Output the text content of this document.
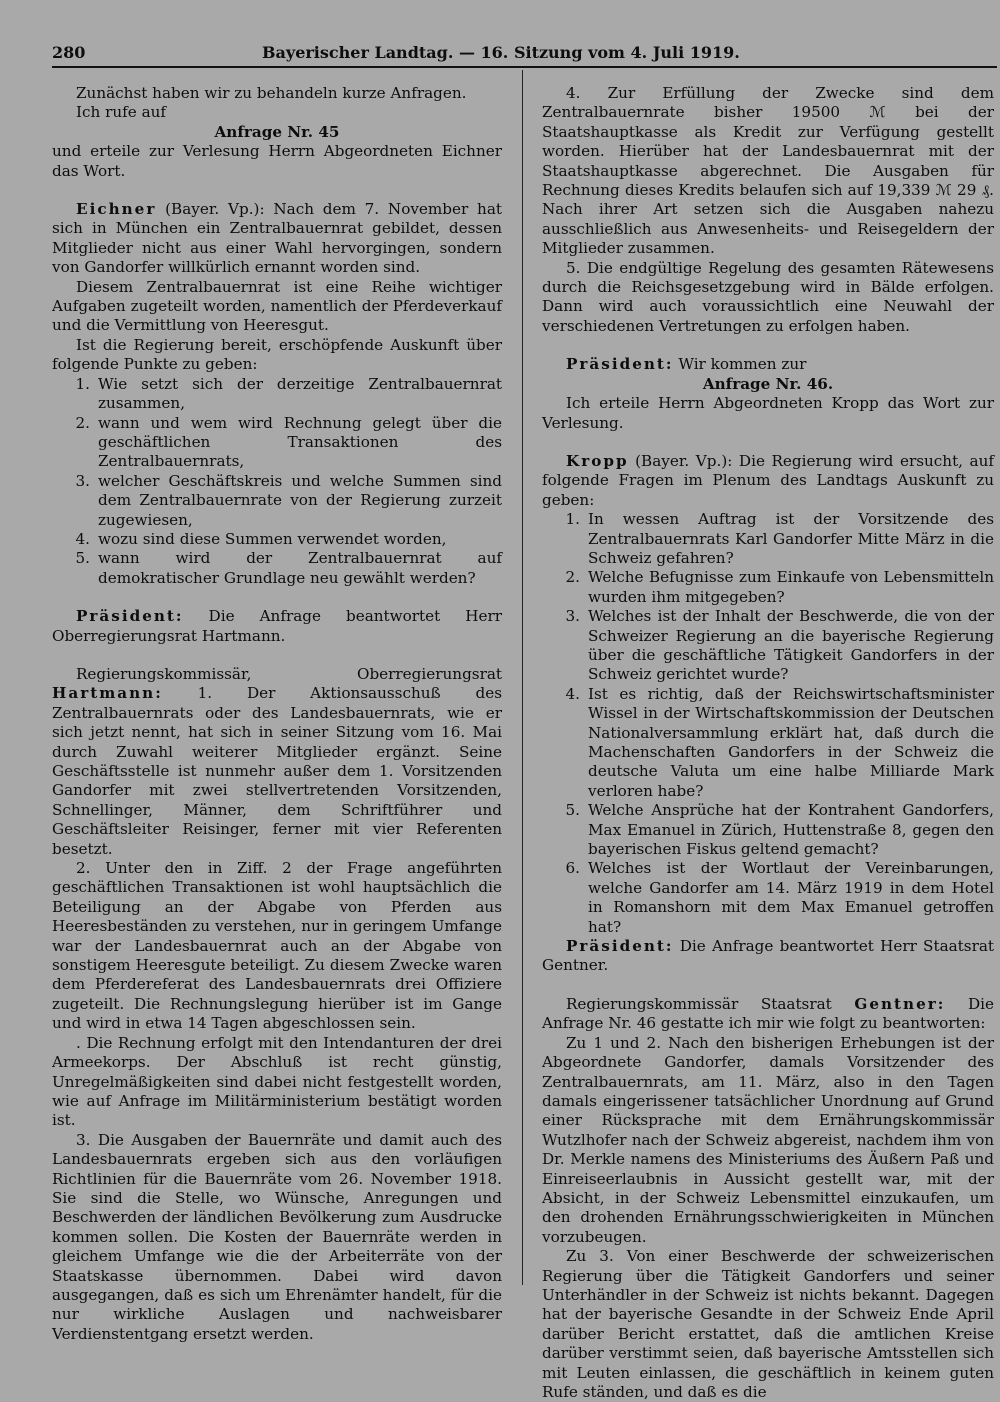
280	Bayerischer Landtag. — 16. Sitzung vom 4. Juli 1919.

Zunächst haben wir zu behandeln kurze Anfragen.

Ich rufe auf

Anfrage Nr. 45

und erteile zur Verlesung Herrn Abgeordneten Eichner das Wort.

Eichner (Bayer. Vp.): Nach dem 7. November hat sich in München ein Zentralbauernrat gebildet, dessen Mitglieder nicht aus einer Wahl hervorgingen, sondern von Gandorfer willkürlich ernannt worden sind.

Diesem Zentralbauernrat ist eine Reihe wichtiger Aufgaben zugeteilt worden, namentlich der Pferdeverkauf und die Vermittlung von Heeresgut.

Ist die Regierung bereit, erschöpfende Auskunft über folgende Punkte zu geben:

1. Wie setzt sich der derzeitige Zentralbauernrat zusammen,
2. wann und wem wird Rechnung gelegt über die geschäftlichen Transaktionen des Zentralbauernrats,
3. welcher Geschäftskreis und welche Summen sind dem Zentralbauernrate von der Regierung zurzeit zugewiesen,
4. wozu sind diese Summen verwendet worden,
5. wann wird der Zentralbauernrat auf demokratischer Grundlage neu gewählt werden?

Präsident: Die Anfrage beantwortet Herr Oberregierungsrat Hartmann.

Regierungskommissär, Oberregierungsrat Hartmann: 1. Der Aktionsausschuß des Zentralbauernrats oder des Landesbauernrats, wie er sich jetzt nennt, hat sich in seiner Sitzung vom 16. Mai durch Zuwahl weiterer Mitglieder ergänzt. Seine Geschäftsstelle ist nunmehr außer dem 1. Vorsitzenden Gandorfer mit zwei stellvertretenden Vorsitzenden, Schnellinger, Männer, dem Schriftführer und Geschäftsleiter Reisinger, ferner mit vier Referenten besetzt.

2. Unter den in Ziff. 2 der Frage angeführten geschäftlichen Transaktionen ist wohl hauptsächlich die Beteiligung an der Abgabe von Pferden aus Heeresbeständen zu verstehen, nur in geringem Umfange war der Landesbauernrat auch an der Abgabe von sonstigem Heeresgute beteiligt. Zu diesem Zwecke waren dem Pferdereferat des Landesbauernrats drei Offiziere zugeteilt. Die Rechnungslegung hierüber ist im Gange und wird in etwa 14 Tagen abgeschlossen sein.

. Die Rechnung erfolgt mit den Intendanturen der drei Armeekorps. Der Abschluß ist recht günstig, Unregelmäßigkeiten sind dabei nicht festgestellt worden, wie auf Anfrage im Militärministerium bestätigt worden ist.

3. Die Ausgaben der Bauernräte und damit auch des Landesbauernrats ergeben sich aus den vorläufigen Richtlinien für die Bauernräte vom 26. November 1918. Sie sind die Stelle, wo Wünsche, Anregungen und Beschwerden der ländlichen Bevölkerung zum Ausdrucke kommen sollen. Die Kosten der Bauernräte werden in gleichem Umfange wie die der Arbeiterräte von der Staatskasse übernommen. Dabei wird davon ausgegangen, daß es sich um Ehrenämter handelt, für die nur wirkliche Auslagen und nachweisbarer Verdienstentgang ersetzt werden.

4. Zur Erfüllung der Zwecke sind dem Zentralbauernrate bisher 19500 ℳ bei der Staatshauptkasse als Kredit zur Verfügung gestellt worden. Hierüber hat der Landesbauernrat mit der Staatshauptkasse abgerechnet. Die Ausgaben für Rechnung dieses Kredits belaufen sich auf 19,339 ℳ 29 ₰. Nach ihrer Art setzen sich die Ausgaben nahezu ausschließlich aus Anwesenheits- und Reisegeldern der Mitglieder zusammen.

5. Die endgültige Regelung des gesamten Rätewesens durch die Reichsgesetzgebung wird in Bälde erfolgen. Dann wird auch voraussichtlich eine Neuwahl der verschiedenen Vertretungen zu erfolgen haben.

Präsident: Wir kommen zur

Anfrage Nr. 46.

Ich erteile Herrn Abgeordneten Kropp das Wort zur Verlesung.

Kropp (Bayer. Vp.): Die Regierung wird ersucht, auf folgende Fragen im Plenum des Landtags Auskunft zu geben:

1. In wessen Auftrag ist der Vorsitzende des Zentralbauernrats Karl Gandorfer Mitte März in die Schweiz gefahren?
2. Welche Befugnisse zum Einkaufe von Lebensmitteln wurden ihm mitgegeben?
3. Welches ist der Inhalt der Beschwerde, die von der Schweizer Regierung an die bayerische Regierung über die geschäftliche Tätigkeit Gandorfers in der Schweiz gerichtet wurde?
4. Ist es richtig, daß der Reichswirtschaftsminister Wissel in der Wirtschaftskommission der Deutschen Nationalversammlung erklärt hat, daß durch die Machenschaften Gandorfers in der Schweiz die deutsche Valuta um eine halbe Milliarde Mark verloren habe?
5. Welche Ansprüche hat der Kontrahent Gandorfers, Max Emanuel in Zürich, Huttenstraße 8, gegen den bayerischen Fiskus geltend gemacht?
6. Welches ist der Wortlaut der Vereinbarungen, welche Gandorfer am 14. März 1919 in dem Hotel in Romanshorn mit dem Max Emanuel getroffen hat?

Präsident: Die Anfrage beantwortet Herr Staatsrat Gentner.

Regierungskommissär Staatsrat Gentner: Die Anfrage Nr. 46 gestatte ich mir wie folgt zu beantworten:

Zu 1 und 2. Nach den bisherigen Erhebungen ist der Abgeordnete Gandorfer, damals Vorsitzender des Zentralbauernrats, am 11. März, also in den Tagen damals eingerissener tatsächlicher Unordnung auf Grund einer Rücksprache mit dem Ernährungskommissär Wutzlhofer nach der Schweiz abgereist, nachdem ihm von Dr. Merkle namens des Ministeriums des Äußern Paß und Einreiseerlaubnis in Aussicht gestellt war, mit der Absicht, in der Schweiz Lebensmittel einzukaufen, um den drohenden Ernährungsschwierigkeiten in München vorzubeugen.

Zu 3. Von einer Beschwerde der schweizerischen Regierung über die Tätigkeit Gandorfers und seiner Unterhändler in der Schweiz ist nichts bekannt. Dagegen hat der bayerische Gesandte in der Schweiz Ende April darüber Bericht erstattet, daß die amtlichen Kreise darüber verstimmt seien, daß bayerische Amtsstellen sich mit Leuten einlassen, die geschäftlich in keinem guten Rufe ständen, und daß es die
